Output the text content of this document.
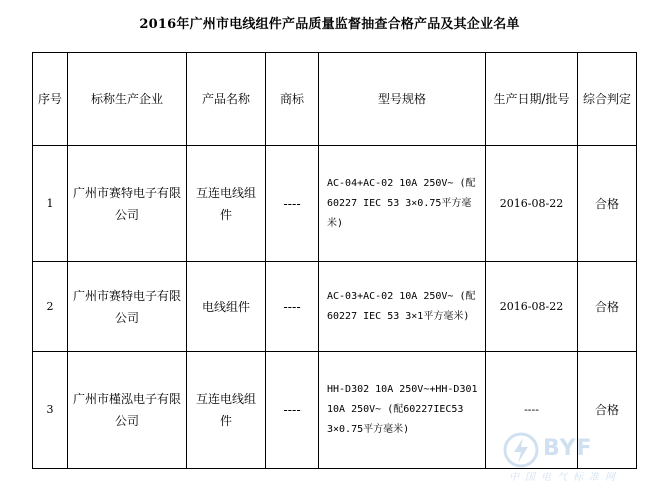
2016年广州市电线组件产品质量监督抽查合格产品及其企业名单
序号	标称生产企业	产品名称	商标	型号规格	生产日期/批号	综合判定
1	广州市赛特电子有限公司	互连电线组件	----	AC-04+AC-02 10A 250V~ (配60227 IEC 53 3×0.75平方毫米)	2016-08-22	合格
2	广州市赛特电子有限公司	电线组件	----	AC-03+AC-02 10A 250V~ (配60227 IEC 53 3×1平方毫米)	2016-08-22	合格
3	广州市槿泓电子有限公司	互连电线组件	----	HH-D302 10A 250V~+HH-D301 10A 250V~ (配60227IEC53 3×0.75平方毫米)	----	合格
BYF
中国电气标准网
